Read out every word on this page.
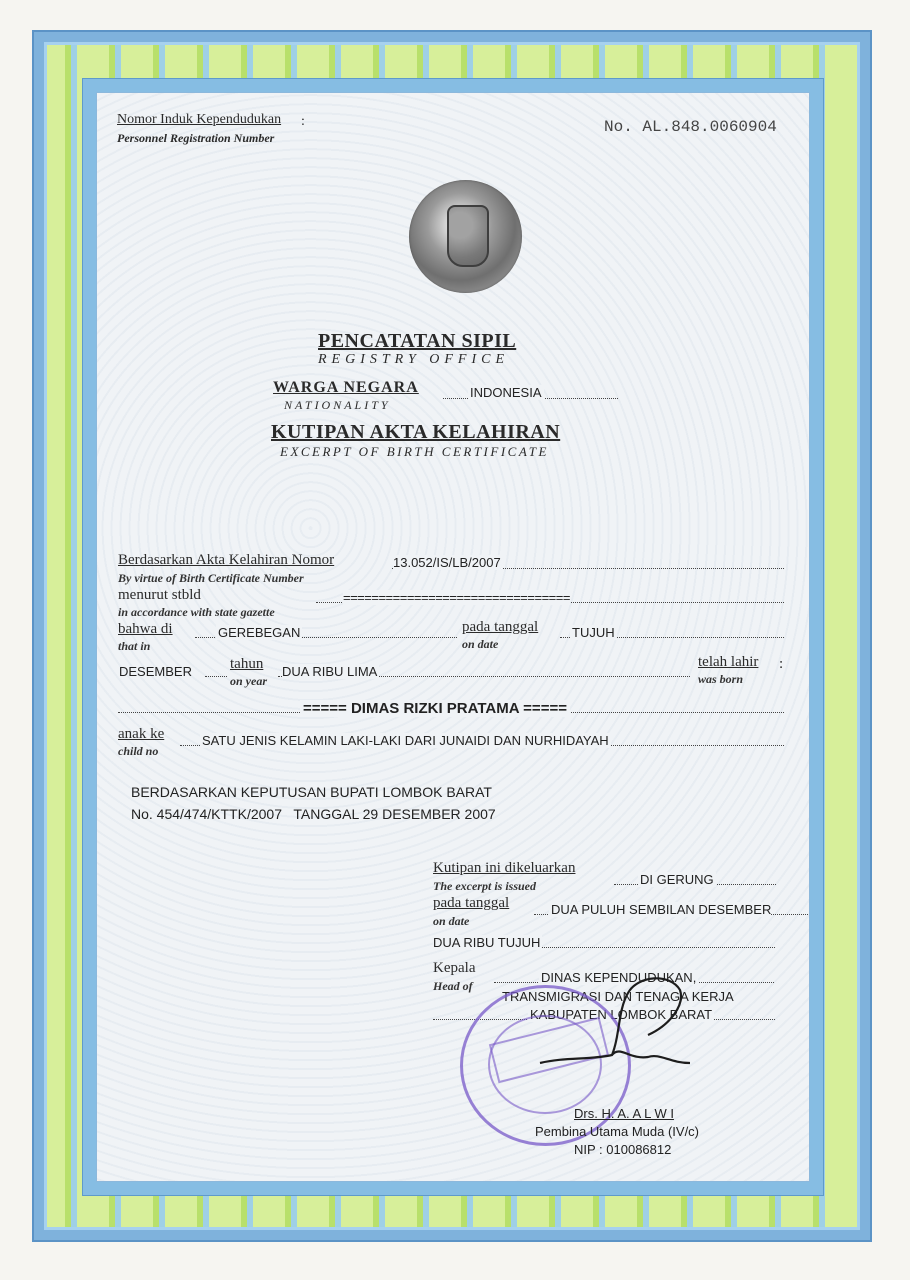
Nomor Induk Kependudukan :
Personnel Registration Number
No. AL.848.0060904
PENCATATAN SIPIL
REGISTRY OFFICE
WARGA NEGARA
NATIONALITY
INDONESIA
KUTIPAN AKTA KELAHIRAN
EXCERPT OF BIRTH CERTIFICATE
Berdasarkan Akta Kelahiran Nomor
By virtue of Birth Certificate Number
13.052/IS/LB/2007
menurut stbld
in accordance with state gazette
================================
bahwa di
that in
GEREBEGAN	pada tanggal
on date
TUJUH
DESEMBER	tahun
on year
DUA RIBU LIMA
telah lahir :
was born
===== DIMAS RIZKI PRATAMA =====
anak ke
child no
SATU JENIS KELAMIN LAKI-LAKI DARI JUNAIDI DAN NURHIDAYAH
BERDASARKAN KEPUTUSAN BUPATI LOMBOK BARAT
No. 454/474/KTTK/2007   TANGGAL 29 DESEMBER 2007
Kutipan ini dikeluarkan
The excerpt is issued	DI GERUNG
pada tanggal
on date
DUA PULUH SEMBILAN DESEMBER
DUA RIBU TUJUH
Kepala
Head of
DINAS KEPENDUDUKAN,
TRANSMIGRASI DAN TENAGA KERJA
KABUPATEN LOMBOK BARAT
Drs. H. A. A L W I
Pembina Utama Muda (IV/c)
NIP : 010086812
